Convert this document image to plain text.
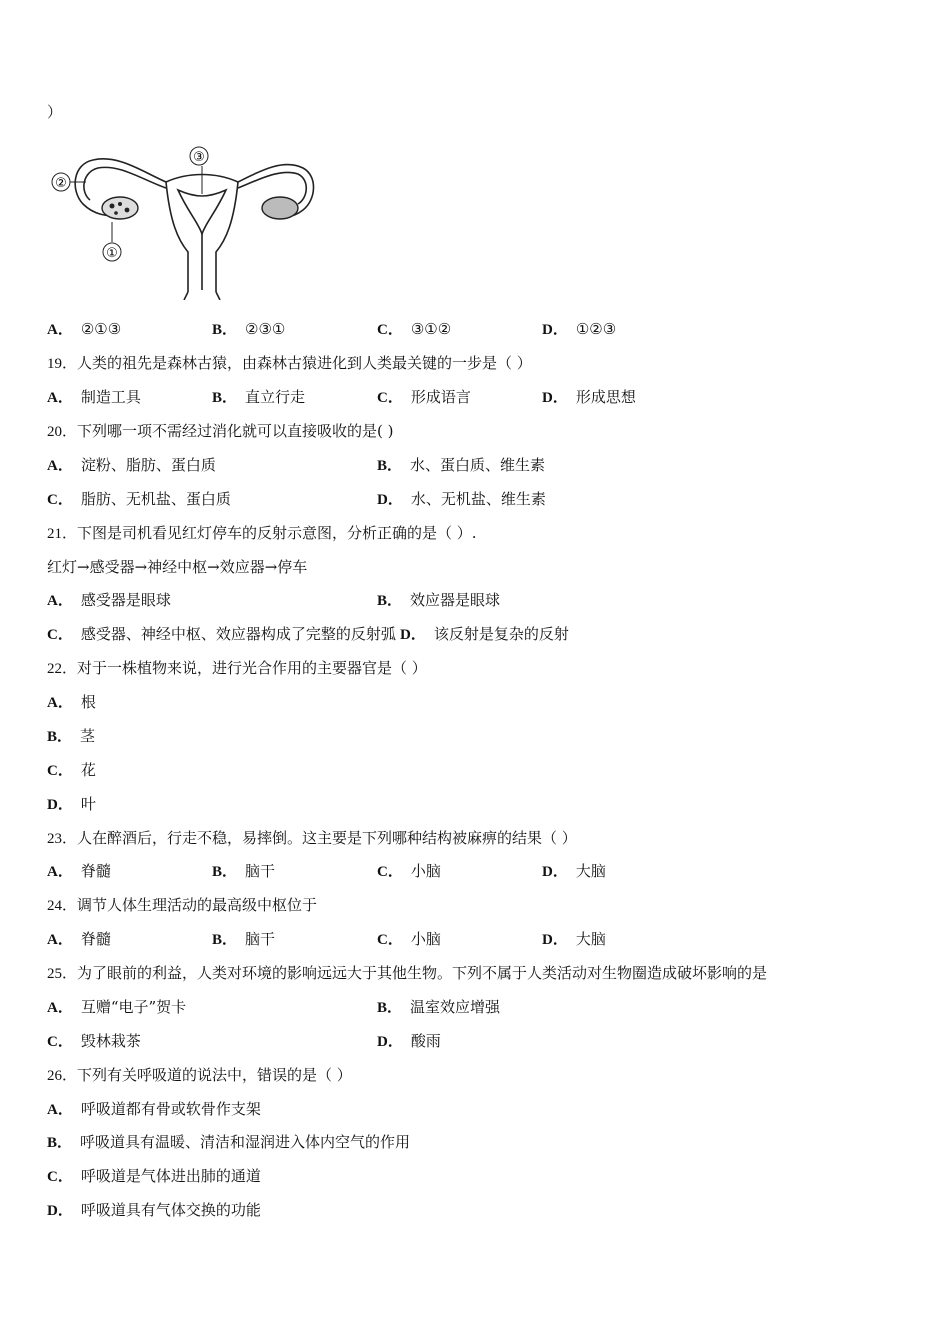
）
③
②
①
A． ②①③	B． ②③①	C． ③①②	D． ①②③
19．人类的祖先是森林古猿，由森林古猿进化到人类最关键的一步是（ ）
A． 制造工具	B． 直立行走	C． 形成语言	D． 形成思想
20．下列哪一项不需经过消化就可以直接吸收的是( )
A． 淀粉、脂肪、蛋白质	B． 水、蛋白质、维生素
C． 脂肪、无机盐、蛋白质	D． 水、无机盐、维生素
21．下图是司机看见红灯停车的反射示意图，分析正确的是（ ）.
红灯→感受器→神经中枢→效应器→停车
A． 感受器是眼球	B． 效应器是眼球
C． 感受器、神经中枢、效应器构成了完整的反射弧 D． 该反射是复杂的反射
22．对于一株植物来说，进行光合作用的主要器官是（ ）
A． 根
B． 茎
C． 花
D． 叶
23．人在醉酒后，行走不稳，易摔倒。这主要是下列哪种结构被麻痹的结果（ ）
A． 脊髓	B． 脑干	C． 小脑	D． 大脑
24．调节人体生理活动的最高级中枢位于
A． 脊髓	B． 脑干	C． 小脑	D． 大脑
25．为了眼前的利益，人类对环境的影响远远大于其他生物。下列不属于人类活动对生物圈造成破坏影响的是
A． 互赠“电子”贺卡	B． 温室效应增强
C． 毁林栽茶	D． 酸雨
26．下列有关呼吸道的说法中，错误的是（ ）
A． 呼吸道都有骨或软骨作支架
B． 呼吸道具有温暖、清洁和湿润进入体内空气的作用
C． 呼吸道是气体进出肺的通道
D． 呼吸道具有气体交换的功能
